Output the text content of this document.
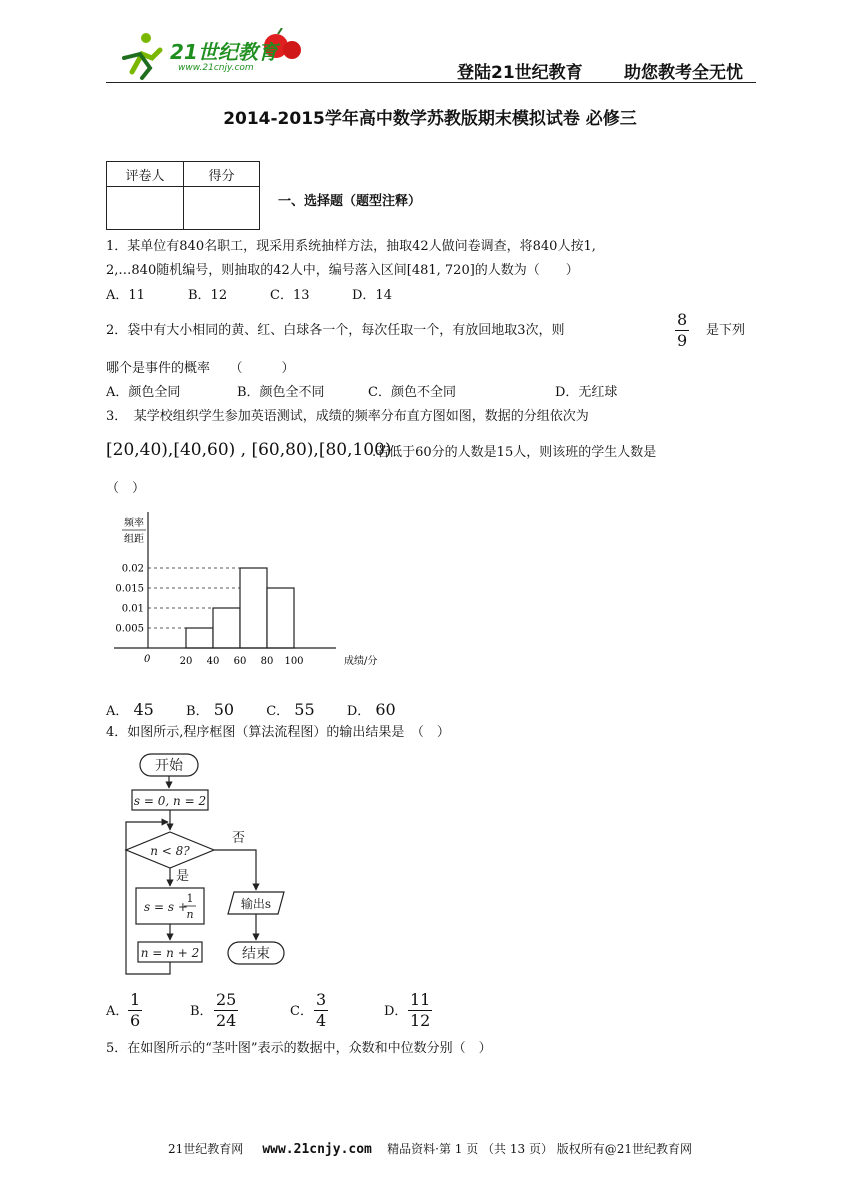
21世纪教育
www.21cnjy.com	登陆21世纪教育 助您教考全无忧
2014-2015学年高中数学苏教版期末模拟试卷 必修三
评卷人	得分

一、选择题（题型注释）
1．某单位有840名职工，现采用系统抽样方法，抽取42人做问卷调查，将840人按1,
2,…840随机编号，则抽取的42人中，编号落入区间[481, 720]的人数为（　　）
A．11	B．12	C．13	D．14
2．袋中有大小相同的黄、红、白球各一个，每次任取一个，有放回地取3次，则	$\frac{8}{9}$ 是下列
哪个是事件的概率　　（　　　）
A．颜色全同	B．颜色全不同	C．颜色不全同	D．无红球
3．　某学校组织学生参加英语测试，成绩的频率分布直方图如图，数据的分组依次为
[20,40),[40,60) , [60,80),[80,100)
.若低于60分的人数是15人，则该班的学生人数是
（　）
频率
组距
0	成绩/分
0.005
0.01
0.015
0.02
20 40 60 80 100
A． 45 B． 50 C． 55 D． 60
4．如图所示,程序框图（算法流程图）的输出结果是　（　）
开始
s = 0, n = 2
n < 8?
否
是
s = s +
1
n
n = n + 2
输出s
结束
A． $\frac{1}{6}$	B． $\frac{25}{24}$	C． $\frac{3}{4}$	D． $\frac{11}{12}$
5．在如图所示的“茎叶图”表示的数据中，众数和中位数分别（　）
21世纪教育网 www.21cnjy.com 精品资料·第 1 页 （共 13 页） 版权所有@21世纪教育网
